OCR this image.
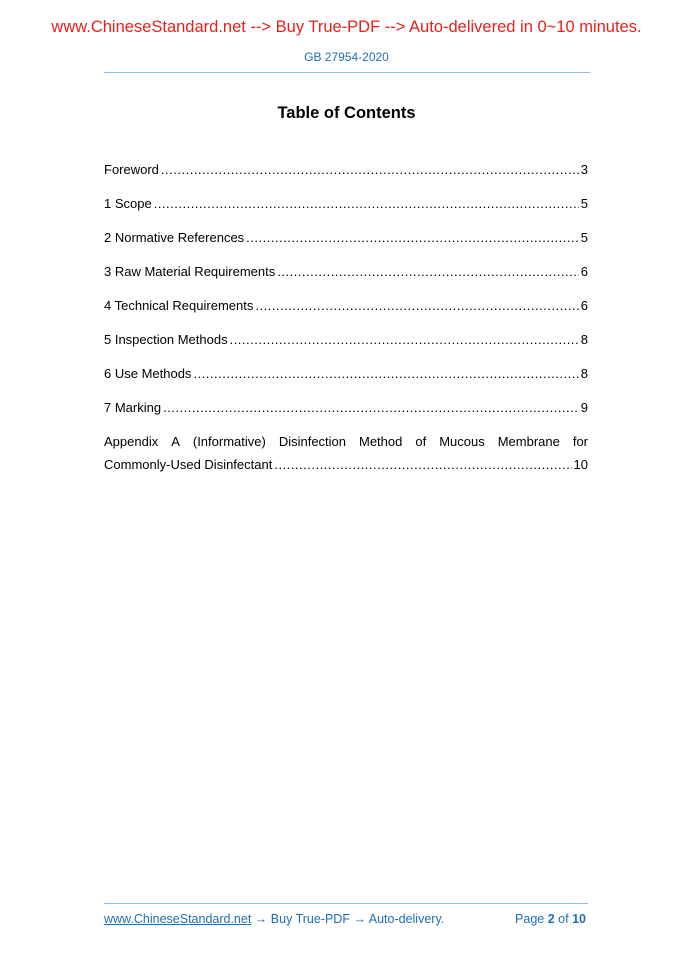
www.ChineseStandard.net --> Buy True-PDF --> Auto-delivered in 0~10 minutes.
GB 27954-2020
Table of Contents
Foreword .....	3
1 Scope .....	5
2 Normative References .....	5
3 Raw Material Requirements .....	6
4 Technical Requirements .....	6
5 Inspection Methods .....	8
6 Use Methods .....	8
7 Marking .....	9
Appendix A (Informative) Disinfection Method of Mucous Membrane for
Commonly-Used Disinfectant .....	10
www.ChineseStandard.net → Buy True-PDF → Auto-delivery.	Page 2 of 10
